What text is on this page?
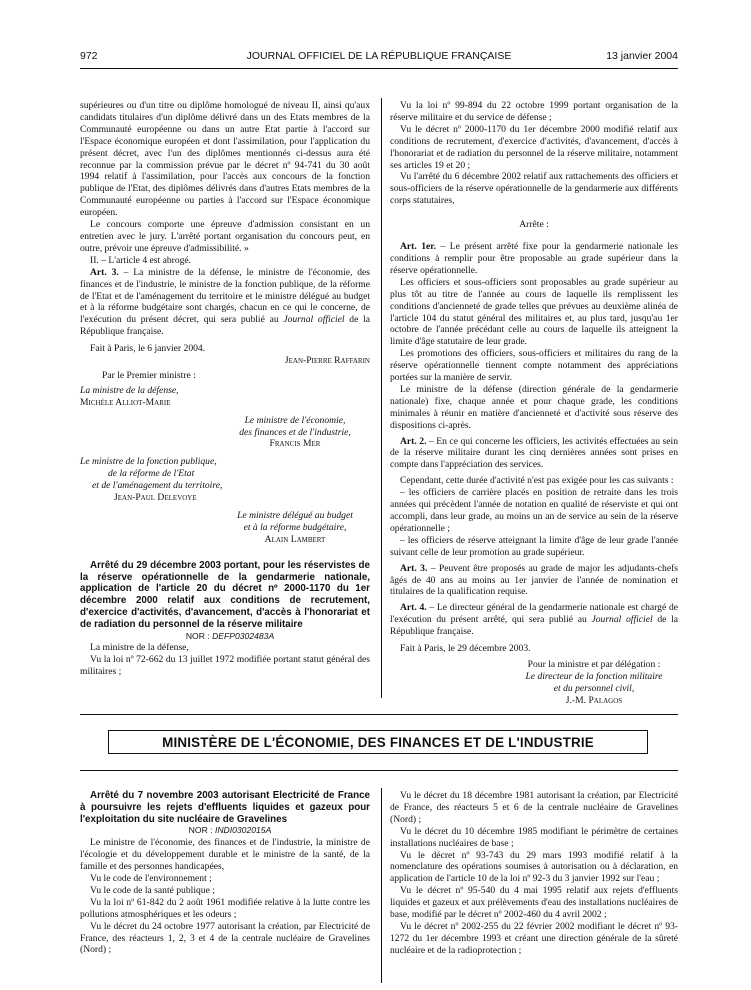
972	JOURNAL OFFICIEL DE LA RÉPUBLIQUE FRANÇAISE	13 janvier 2004

supérieures ou d'un titre ou diplôme homologué de niveau II, ainsi qu'aux candidats titulaires d'un diplôme délivré dans un des Etats membres de la Communauté européenne ou dans un autre Etat partie à l'accord sur l'Espace économique européen et dont l'assimilation, pour l'application du présent décret, avec l'un des diplômes mentionnés ci-dessus aura été reconnue par la commission prévue par le décret nº 94-741 du 30 août 1994 relatif à l'assimilation, pour l'accès aux concours de la fonction publique de l'Etat, des diplômes délivrés dans d'autres Etats membres de la Communauté européenne ou parties à l'accord sur l'Espace économique européen.

Le concours comporte une épreuve d'admission consistant en un entretien avec le jury. L'arrêté portant organisation du concours peut, en outre, prévoir une épreuve d'admissibilité. »

II. – L'article 4 est abrogé.

Art. 3. – La ministre de la défense, le ministre de l'économie, des finances et de l'industrie, le ministre de la fonction publique, de la réforme de l'Etat et de l'aménagement du territoire et le ministre délégué au budget et à la réforme budgétaire sont chargés, chacun en ce qui le concerne, de l'exécution du présent décret, qui sera publié au Journal officiel de la République française.

Fait à Paris, le 6 janvier 2004.

Jean-Pierre Raffarin

Par le Premier ministre :

La ministre de la défense,

Michèle Alliot-Marie

Le ministre de l'économie,

des finances et de l'industrie,

Francis Mer

Le ministre de la fonction publique,

de la réforme de l'Etat

et de l'aménagement du territoire,

Jean-Paul Delevoye

Le ministre délégué au budget

et à la réforme budgétaire,

Alain Lambert

Arrêté du 29 décembre 2003 portant, pour les réservistes de la réserve opérationnelle de la gendarmerie nationale, application de l'article 20 du décret nº 2000-1170 du 1er décembre 2000 relatif aux conditions de recrutement, d'exercice d'activités, d'avancement, d'accès à l'honorariat et de radiation du personnel de la réserve militaire

NOR : DEFP0302483A

La ministre de la défense,

Vu la loi nº 72-662 du 13 juillet 1972 modifiée portant statut général des militaires ;

Vu la loi nº 99-894 du 22 octobre 1999 portant organisation de la réserve militaire et du service de défense ;

Vu le décret nº 2000-1170 du 1er décembre 2000 modifié relatif aux conditions de recrutement, d'exercice d'activités, d'avancement, d'accès à l'honorariat et de radiation du personnel de la réserve militaire, notamment ses articles 19 et 20 ;

Vu l'arrêté du 6 décembre 2002 relatif aux rattachements des officiers et sous-officiers de la réserve opérationnelle de la gendarmerie aux différents corps statutaires,

Arrête :

Art. 1er. – Le présent arrêté fixe pour la gendarmerie nationale les conditions à remplir pour être proposable au grade supérieur dans la réserve opérationnelle.

Les officiers et sous-officiers sont proposables au grade supérieur au plus tôt au titre de l'année au cours de laquelle ils remplissent les conditions d'ancienneté de grade telles que prévues au deuxième alinéa de l'article 104 du statut général des militaires et, au plus tard, jusqu'au 1er octobre de l'année précédant celle au cours de laquelle ils atteignent la limite d'âge statutaire de leur grade.

Les promotions des officiers, sous-officiers et militaires du rang de la réserve opérationnelle tiennent compte notamment des appréciations portées sur la manière de servir.

Le ministre de la défense (direction générale de la gendarmerie nationale) fixe, chaque année et pour chaque grade, les conditions minimales à réunir en matière d'ancienneté et d'activité sous réserve des dispositions ci-après.

Art. 2. – En ce qui concerne les officiers, les activités effectuées au sein de la réserve militaire durant les cinq dernières années sont prises en compte dans l'appréciation des services.

Cependant, cette durée d'activité n'est pas exigée pour les cas suivants :

– les officiers de carrière placés en position de retraite dans les trois années qui précèdent l'année de notation en qualité de réserviste et qui ont accompli, dans leur grade, au moins un an de service au sein de la réserve opérationnelle ;

– les officiers de réserve atteignant la limite d'âge de leur grade l'année suivant celle de leur promotion au grade supérieur.

Art. 3. – Peuvent être proposés au grade de major les adjudants-chefs âgés de 40 ans au moins au 1er janvier de l'année de nomination et titulaires de la qualification requise.

Art. 4. – Le directeur général de la gendarmerie nationale est chargé de l'exécution du présent arrêté, qui sera publié au Journal officiel de la République française.

Fait à Paris, le 29 décembre 2003.

Pour la ministre et par délégation :

Le directeur de la fonction militaire

et du personnel civil,

J.-M. Palagos

MINISTÈRE DE L'ÉCONOMIE, DES FINANCES ET DE L'INDUSTRIE

Arrêté du 7 novembre 2003 autorisant Electricité de France à poursuivre les rejets d'effluents liquides et gazeux pour l'exploitation du site nucléaire de Gravelines

NOR : INDI0302015A

Le ministre de l'économie, des finances et de l'industrie, la ministre de l'écologie et du développement durable et le ministre de la santé, de la famille et des personnes handicapées,

Vu le code de l'environnement ;

Vu le code de la santé publique ;

Vu la loi nº 61-842 du 2 août 1961 modifiée relative à la lutte contre les pollutions atmosphériques et les odeurs ;

Vu le décret du 24 octobre 1977 autorisant la création, par Electricité de France, des réacteurs 1, 2, 3 et 4 de la centrale nucléaire de Gravelines (Nord) ;

Vu le décret du 18 décembre 1981 autorisant la création, par Electricité de France, des réacteurs 5 et 6 de la centrale nucléaire de Gravelines (Nord) ;

Vu le décret du 10 décembre 1985 modifiant le périmètre de certaines installations nucléaires de base ;

Vu le décret nº 93-743 du 29 mars 1993 modifié relatif à la nomenclature des opérations soumises à autorisation ou à déclaration, en application de l'article 10 de la loi nº 92-3 du 3 janvier 1992 sur l'eau ;

Vu le décret nº 95-540 du 4 mai 1995 relatif aux rejets d'effluents liquides et gazeux et aux prélèvements d'eau des installations nucléaires de base, modifié par le décret nº 2002-460 du 4 avril 2002 ;

Vu le décret nº 2002-255 du 22 février 2002 modifiant le décret nº 93-1272 du 1er décembre 1993 et créant une direction générale de la sûreté nucléaire et de la radioprotection ;
